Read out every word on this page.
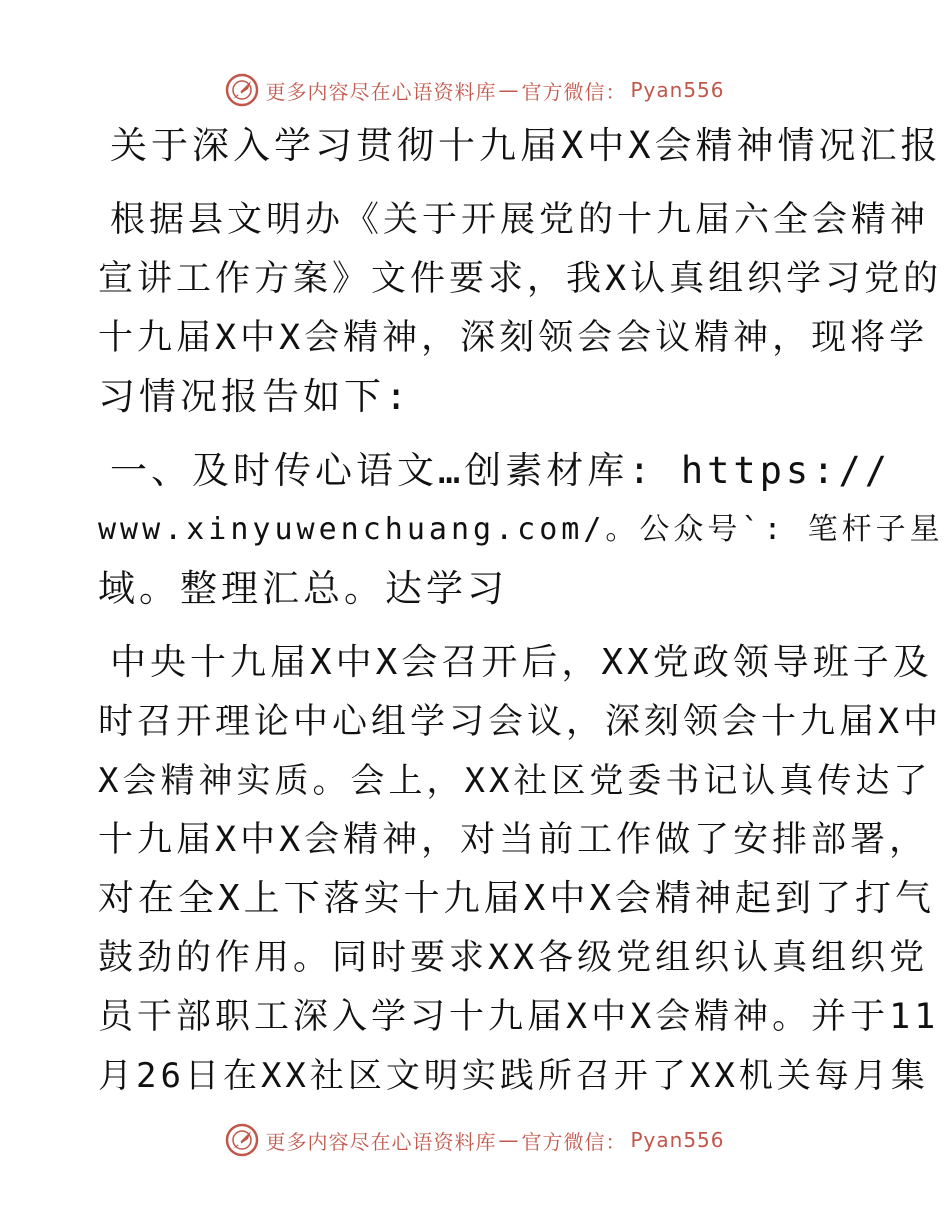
更多内容尽在心语资料库 — 官方微信： Pyan556
关于深入学习贯彻十九届X中X会精神情况汇报
根据县文明办《关于开展党的十九届六全会精神
宣讲工作方案》文件要求，我X认真组织学习党的
十九届X中X会精神，深刻领会会议精神，现将学
习情况报告如下:
一、及时传心语文…创素材库: https://
www.xinyuwenchuang.com/。公众号`: 笔杆子星
域。整理汇总。达学习
中央十九届X中X会召开后，XX党政领导班子及
时召开理论中心组学习会议，深刻领会十九届X中
X会精神实质。会上，XX社区党委书记认真传达了
十九届X中X会精神，对当前工作做了安排部署，
对在全X上下落实十九届X中X会精神起到了打气
鼓劲的作用。同时要求XX各级党组织认真组织党
员干部职工深入学习十九届X中X会精神。并于11
月26日在XX社区文明实践所召开了XX机关每月集
更多内容尽在心语资料库 — 官方微信： Pyan556
